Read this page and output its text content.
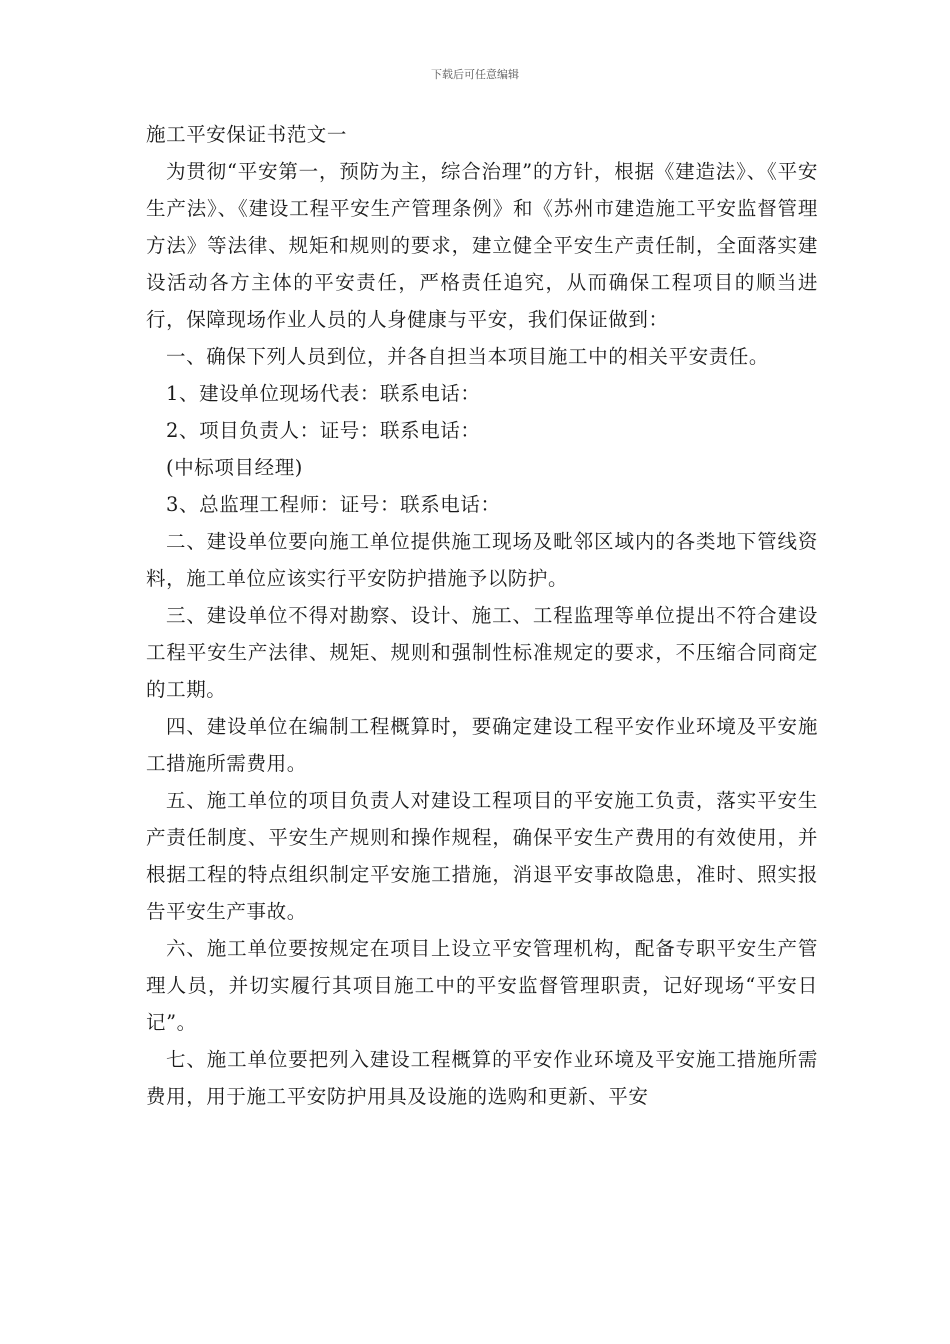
下载后可任意编辑

施工平安保证书范文一

为贯彻“平安第一，预防为主，综合治理”的方针，根据《建造法》、《平安生产法》、《建设工程平安生产管理条例》和《苏州市建造施工平安监督管理方法》等法律、规矩和规则的要求，建立健全平安生产责任制，全面落实建设活动各方主体的平安责任，严格责任追究，从而确保工程项目的顺当进行，保障现场作业人员的人身健康与平安，我们保证做到：

一、确保下列人员到位，并各自担当本项目施工中的相关平安责任。

1、建设单位现场代表：联系电话：

2、项目负责人：证号：联系电话：

(中标项目经理)

3、总监理工程师：证号：联系电话：

二、建设单位要向施工单位提供施工现场及毗邻区域内的各类地下管线资料，施工单位应该实行平安防护措施予以防护。

三、建设单位不得对勘察、设计、施工、工程监理等单位提出不符合建设工程平安生产法律、规矩、规则和强制性标准规定的要求，不压缩合同商定的工期。

四、建设单位在编制工程概算时，要确定建设工程平安作业环境及平安施工措施所需费用。

五、施工单位的项目负责人对建设工程项目的平安施工负责，落实平安生产责任制度、平安生产规则和操作规程，确保平安生产费用的有效使用，并根据工程的特点组织制定平安施工措施，消退平安事故隐患，准时、照实报告平安生产事故。

六、施工单位要按规定在项目上设立平安管理机构，配备专职平安生产管理人员，并切实履行其项目施工中的平安监督管理职责，记好现场“平安日记”。

七、施工单位要把列入建设工程概算的平安作业环境及平安施工措施所需费用，用于施工平安防护用具及设施的选购和更新、平安
